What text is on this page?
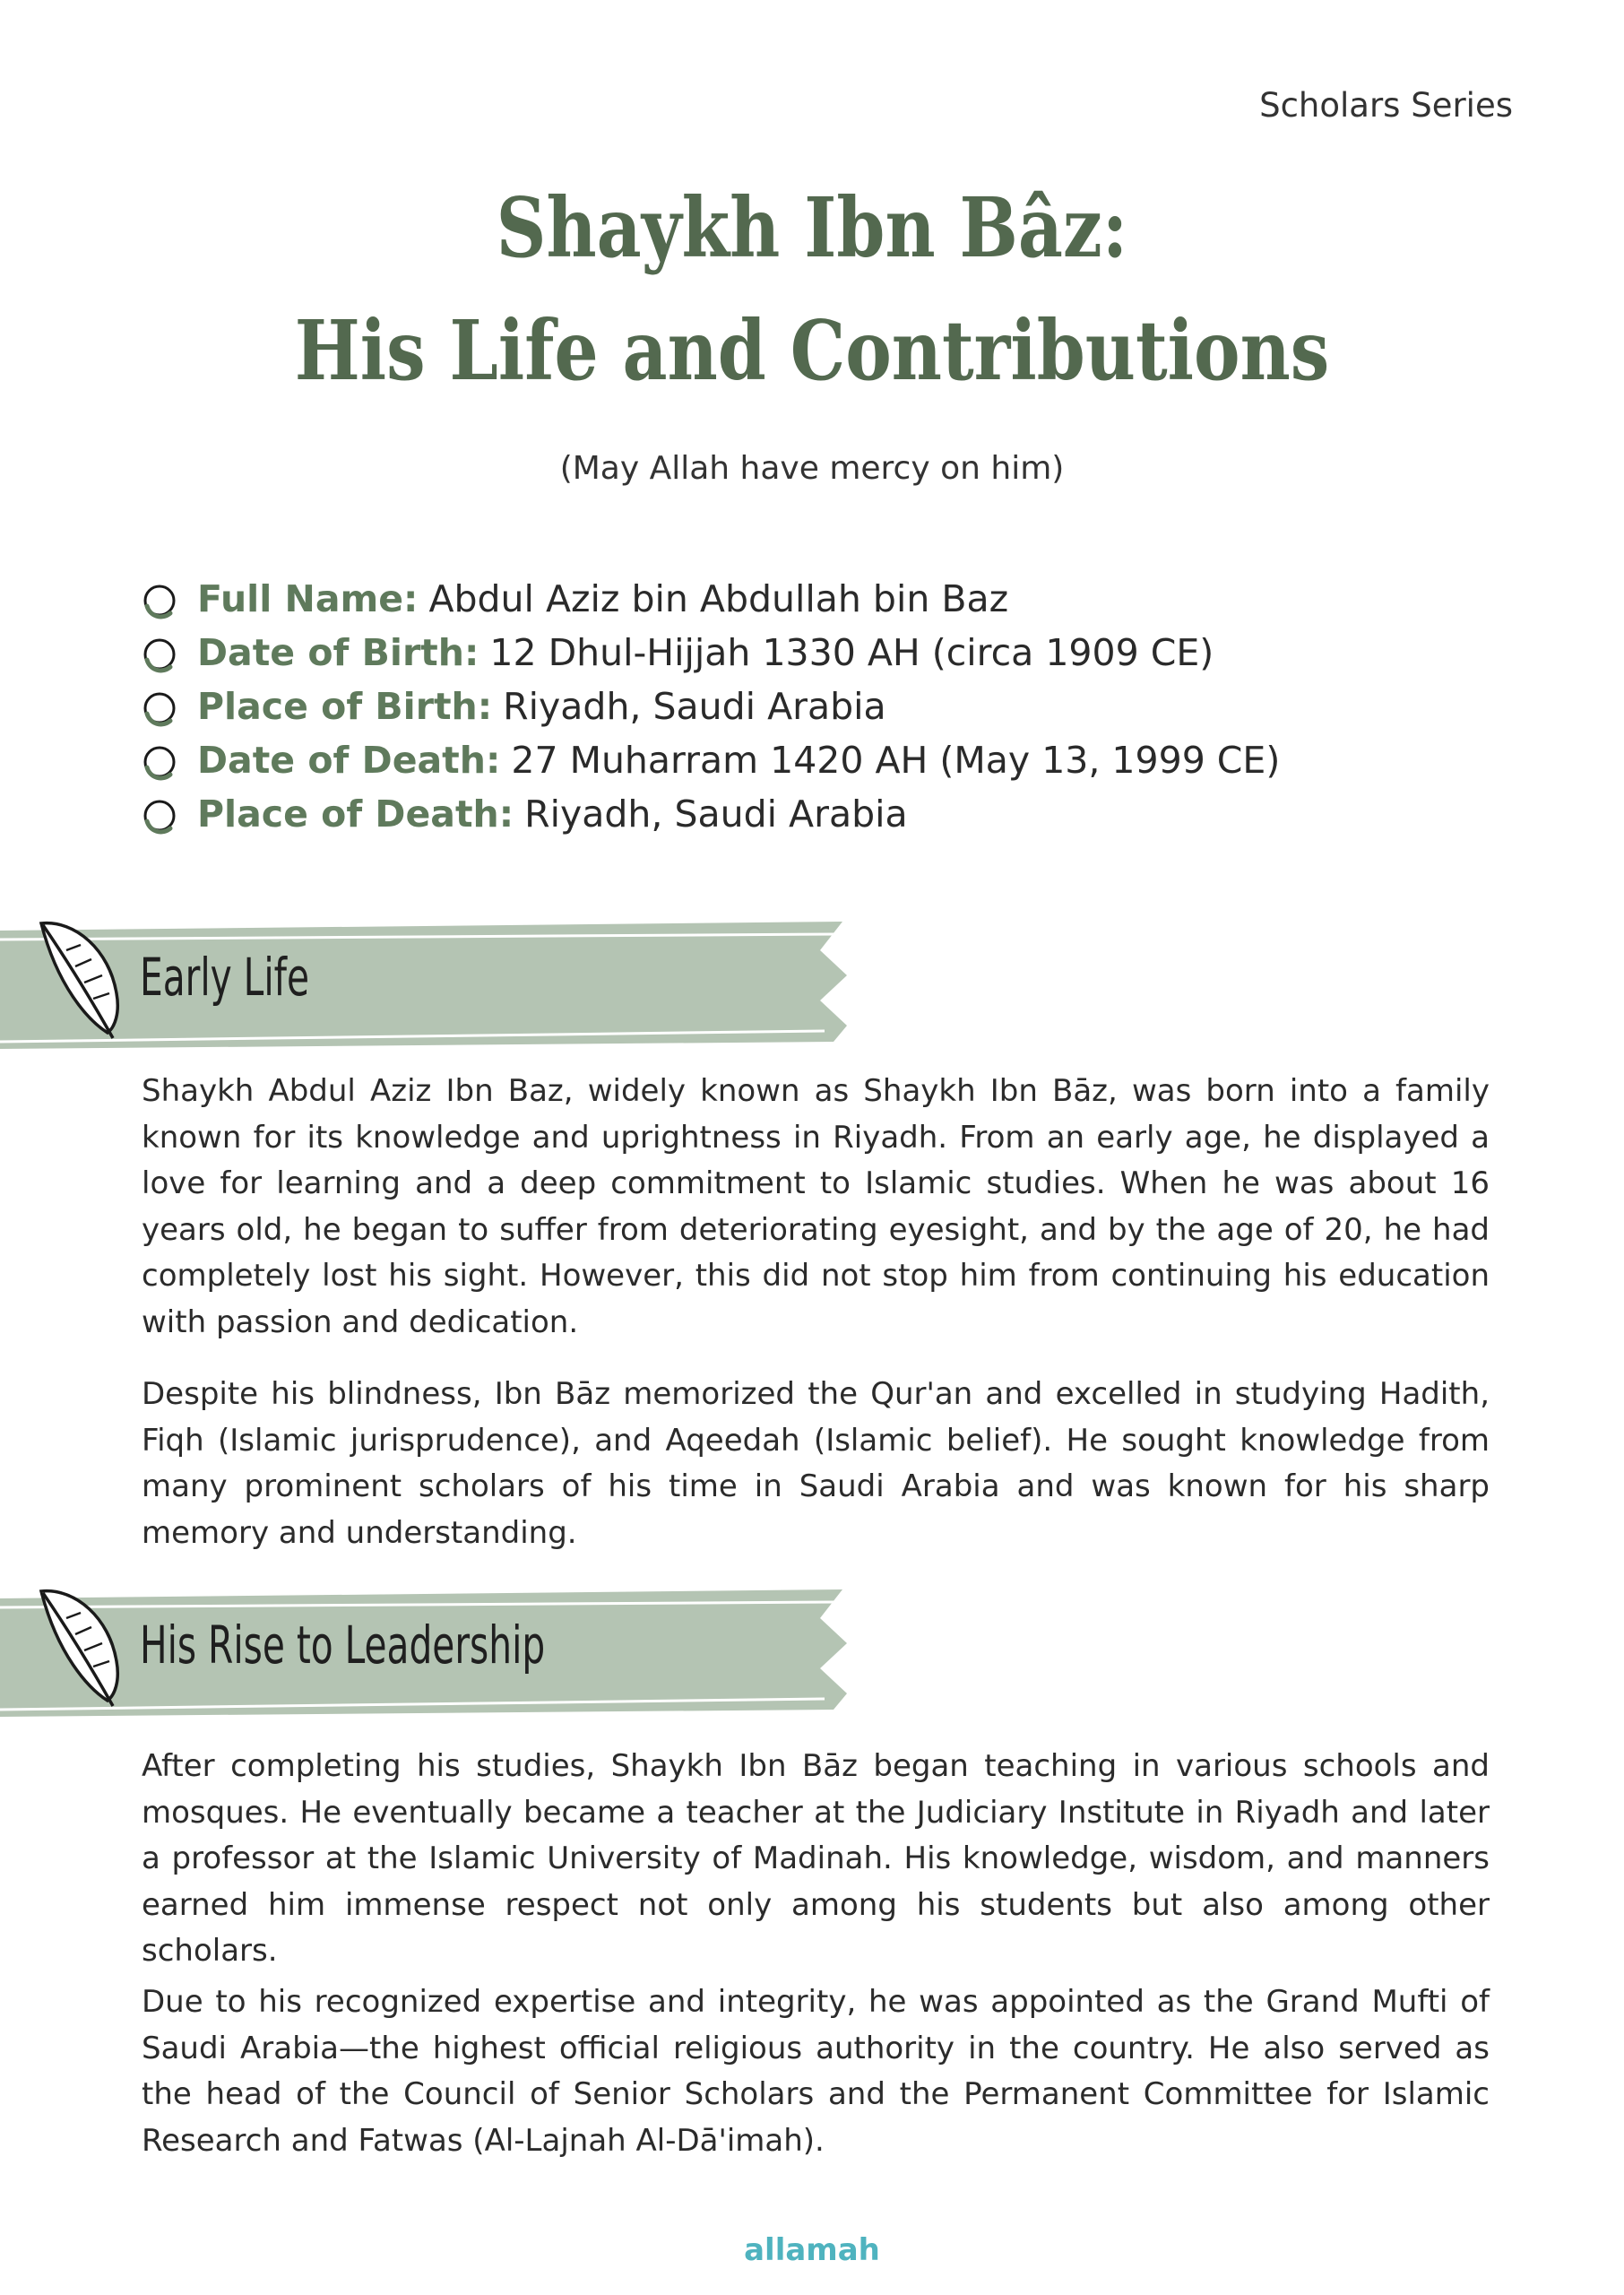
Scholars Series
Shaykh Ibn Bâz:
His Life and Contributions
(May Allah have mercy on him)
Full Name: Abdul Aziz bin Abdullah bin Baz
Date of Birth: 12 Dhul-Hijjah 1330 AH (circa 1909 CE)
Place of Birth: Riyadh, Saudi Arabia
Date of Death: 27 Muharram 1420 AH (May 13, 1999 CE)
Place of Death: Riyadh, Saudi Arabia
Early Life

Shaykh Abdul Aziz Ibn Baz, widely known as Shaykh Ibn Bāz, was born into a family known for its knowledge and uprightness in Riyadh. From an early age, he displayed a love for learning and a deep commitment to Islamic studies. When he was about 16 years old, he began to suffer from deteriorating eyesight, and by the age of 20, he had completely lost his sight. However, this did not stop him from continuing his education with passion and dedication.

Despite his blindness, Ibn Bāz memorized the Qur'an and excelled in studying Hadith, Fiqh (Islamic jurisprudence), and Aqeedah (Islamic belief). He sought knowledge from many prominent scholars of his time in Saudi Arabia and was known for his sharp memory and understanding.

His Rise to Leadership

After completing his studies, Shaykh Ibn Bāz began teaching in various schools and mosques. He eventually became a teacher at the Judiciary Institute in Riyadh and later a professor at the Islamic University of Madinah. His knowledge, wisdom, and manners earned him immense respect not only among his students but also among other scholars.

Due to his recognized expertise and integrity, he was appointed as the Grand Mufti of Saudi Arabia—the highest official religious authority in the country. He also served as the head of the Council of Senior Scholars and the Permanent Committee for Islamic Research and Fatwas (Al-Lajnah Al-Dā'imah).

allamah
